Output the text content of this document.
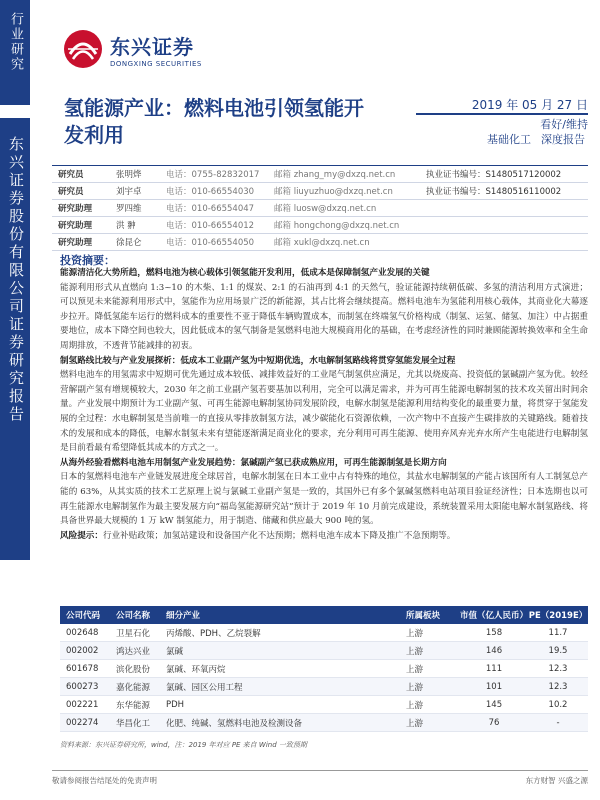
行业研究
东兴证券股份有限公司证券研究报告
东兴证券
DONGXING SECURITIES
氢能源产业：燃料电池引领氢能开发利用
2019 年 05 月 27 日
看好/维持
基础化工 深度报告
研究员	张明烨	电话：0755-82832017	邮箱 zhang_my@dxzq.net.cn	执业证书编号：S1480517120002
研究员	刘宇卓	电话：010-66554030	邮箱 liuyuzhuo@dxzq.net.cn	执业证书编号：S1480516110002
研究助理	罗四维	电话：010-66554047	邮箱 luosw@dxzq.net.cn
研究助理	洪 翀	电话：010-66554012	邮箱 hongchong@dxzq.net.cn
研究助理	徐昆仑	电话：010-66554050	邮箱 xukl@dxzq.net.cn
投资摘要：

能源清洁化大势所趋，燃料电池为核心载体引领氢能开发利用，低成本是保障制氢产业发展的关键

能源利用形式从直燃向 1:3~10 的木柴、1:1 的煤炭、2:1 的石油再到 4:1 的天然气，验证能源持续朝低碳、多氢的清洁利用方式演进；可以预见未来能源利用形式中，氢能作为应用场景广泛的新能源，其占比将会继续提高。燃料电池车为氢能利用核心载体，其商业化大幕逐步拉开。降低氢能车运行的燃料成本的重要性不亚于降低车辆购置成本，而制氢在终端氢气价格构成（制氢、运氢、储氢、加注）中占据重要地位，成本下降空间也较大，因此低成本的氢气制备是氢燃料电池大规模商用化的基础，在考虑经济性的同时兼顾能源转换效率和全生命周期排放，不透背节能减排的初衷。

制氢路线比较与产业发展探析：低成本工业副产氢为中短期优选，水电解制氢路线将贯穿氢能发展全过程

燃料电池车的用氢需求中短期可优先通过成本较低、减排效益好的工业尾气制氢供应满足，尤其以烧废高、投资低的氯碱副产氢为优。较经营解副产氢有增规模较大，2030 年之前工业副产氢若要基加以利用，完全可以满足需求，并为可再生能源电解制氢的技术攻关留出时间余量。产业发展中期预计为工业副产氢、可再生能源电解制氢协同发展阶段，电解水制氢是能源利用结构变化的最重要力量，将贯穿于氢能发展的全过程：水电解制氢是当前唯一的直接从零排放制氢方法，减少碳能化石资源依赖，一次产物中不直接产生碳排放的关键路线。随着技术的发展和成本的降低，电解水制氢未来有望能逐渐满足商业化的要求，充分利用可再生能源、使用弃风弃光弃水所产生电能进行电解制氢是目前看最有希望降低其成本的方式之一。

从海外经验看燃料电池车用制氢产业发展趋势：氯碱副产氢已获成熟应用，可再生能源制氢是长期方向

日本的氢燃料电池车产业链发展进度全球居首，电解水制氢在日本工业中占有特殊的地位，其盐水电解制氢的产能占该国所有人工制氢总产能的 63%，从其实质的技术工艺原理上说与氯碱工业副产氢是一致的，其国外已有多个氯碱氢燃料电站项目验证经济性；日本选期也以可再生能源水电解制氢作为最主要发展方向“福岛氢能源研究站”预计于 2019 年 10 月前完成建设，系统装置采用太阳能电解水制氢路线、将具备世界最大规模的 1 万 kW 制氢能力，用于制造、储藏和供应最大 900 吨的氢。

风险提示：行业补贴政策；加氢站建设和设备国产化不达预期；燃料电池车成本下降及推广不急预期等。

公司代码	公司名称	细分产业	所属板块	市值（亿人民币） PE（2019E）
002648	卫星石化	丙烯酸、PDH、乙烷裂解	上游	158	11.7
002002	鸿达兴业	氯碱	上游	146	19.5
601678	滨化股份	氯碱、环氧丙烷	上游	111	12.3
600273	嘉化能源	氯碱、园区公用工程	上游	101	12.3
002221	东华能源	PDH	上游	145	10.2
002274	华昌化工	化肥、纯碱、氢燃料电池及检测设备	上游	76	-
资料来源：东兴证券研究所，wind，注：2019 年对应 PE 来自 Wind 一致预期
敬请参阅报告结尾处的免责声明	东方财智 兴盛之源
